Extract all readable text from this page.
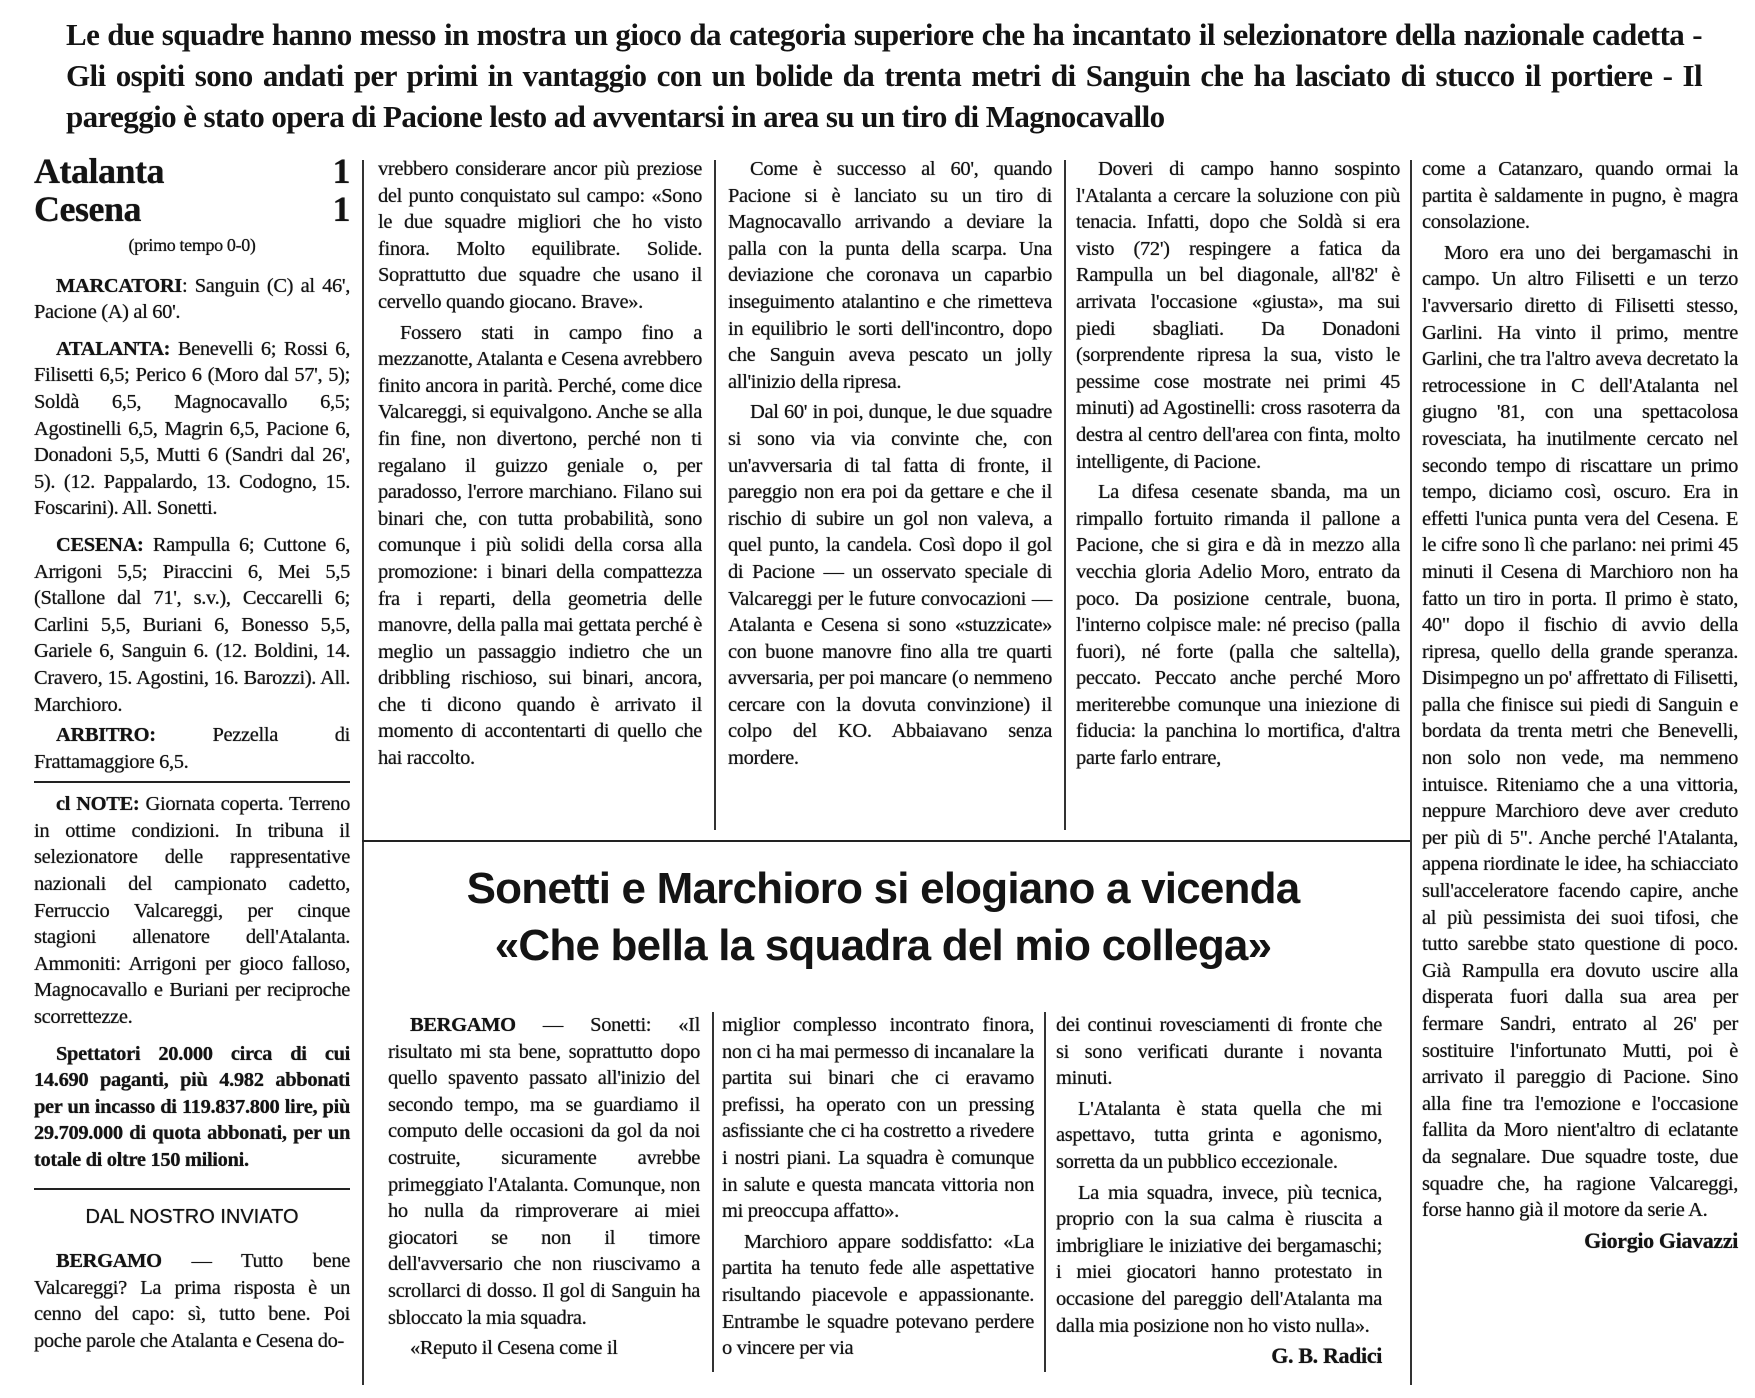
Le due squadre hanno messo in mostra un gioco da categoria superiore che ha incantato il selezionatore della nazionale cadetta - Gli ospiti sono andati per primi in vantaggio con un bolide da trenta metri di Sanguin che ha lasciato di stucco il portiere - Il pareggio è stato opera di Pacione lesto ad avventarsi in area su un tiro di Magnocavallo
Atalanta	1
Cesena	1
(primo tempo 0-0)

MARCATORI: Sanguin (C) al 46', Pacione (A) al 60'.

ATALANTA: Benevelli 6; Rossi 6, Filisetti 6,5; Perico 6 (Moro dal 57', 5); Soldà 6,5, Magnocavallo 6,5; Agostinelli 6,5, Magrin 6,5, Pacione 6, Donadoni 5,5, Mutti 6 (Sandri dal 26', 5). (12. Pappalardo, 13. Codogno, 15. Foscarini). All. Sonetti.

CESENA: Rampulla 6; Cuttone 6, Arrigoni 5,5; Piraccini 6, Mei 5,5 (Stallone dal 71', s.v.), Ceccarelli 6; Carlini 5,5, Buriani 6, Bonesso 5,5, Gariele 6, Sanguin 6. (12. Boldini, 14. Cravero, 15. Agostini, 16. Barozzi). All. Marchioro.

ARBITRO: Pezzella di Frattamaggiore 6,5.

cl NOTE: Giornata coperta. Terreno in ottime condizioni. In tribuna il selezionatore delle rappresentative nazionali del campionato cadetto, Ferruccio Valcareggi, per cinque stagioni allenatore dell'Atalanta. Ammoniti: Arrigoni per gioco falloso, Magnocavallo e Buriani per reciproche scorrettezze.

Spettatori 20.000 circa di cui 14.690 paganti, più 4.982 abbonati per un incasso di 119.837.800 lire, più 29.709.000 di quota abbonati, per un totale di oltre 150 milioni.

DAL NOSTRO INVIATO

BERGAMO — Tutto bene Valcareggi? La prima risposta è un cenno del capo: sì, tutto bene. Poi poche parole che Atalanta e Cesena do-

vrebbero considerare ancor più preziose del punto conquistato sul campo: «Sono le due squadre migliori che ho visto finora. Molto equilibrate. Solide. Soprattutto due squadre che usano il cervello quando giocano. Brave».

Fossero stati in campo fino a mezzanotte, Atalanta e Cesena avrebbero finito ancora in parità. Perché, come dice Valcareggi, si equivalgono. Anche se alla fin fine, non divertono, perché non ti regalano il guizzo geniale o, per paradosso, l'errore marchiano. Filano sui binari che, con tutta probabilità, sono comunque i più solidi della corsa alla promozione: i binari della compattezza fra i reparti, della geometria delle manovre, della palla mai gettata perché è meglio un passaggio indietro che un dribbling rischioso, sui binari, ancora, che ti dicono quando è arrivato il momento di accontentarti di quello che hai raccolto.

Come è successo al 60', quando Pacione si è lanciato su un tiro di Magnocavallo arrivando a deviare la palla con la punta della scarpa. Una deviazione che coronava un caparbio inseguimento atalantino e che rimetteva in equilibrio le sorti dell'incontro, dopo che Sanguin aveva pescato un jolly all'inizio della ripresa.

Dal 60' in poi, dunque, le due squadre si sono via via convinte che, con un'avversaria di tal fatta di fronte, il pareggio non era poi da gettare e che il rischio di subire un gol non valeva, a quel punto, la candela. Così dopo il gol di Pacione — un osservato speciale di Valcareggi per le future convocazioni — Atalanta e Cesena si sono «stuzzicate» con buone manovre fino alla tre quarti avversaria, per poi mancare (o nemmeno cercare con la dovuta convinzione) il colpo del KO. Abbaiavano senza mordere.

Doveri di campo hanno sospinto l'Atalanta a cercare la soluzione con più tenacia. Infatti, dopo che Soldà si era visto (72') respingere a fatica da Rampulla un bel diagonale, all'82' è arrivata l'occasione «giusta», ma sui piedi sbagliati. Da Donadoni (sorprendente ripresa la sua, visto le pessime cose mostrate nei primi 45 minuti) ad Agostinelli: cross rasoterra da destra al centro dell'area con finta, molto intelligente, di Pacione.

La difesa cesenate sbanda, ma un rimpallo fortuito rimanda il pallone a Pacione, che si gira e dà in mezzo alla vecchia gloria Adelio Moro, entrato da poco. Da posizione centrale, buona, l'interno colpisce male: né preciso (palla fuori), né forte (palla che saltella), peccato. Peccato anche perché Moro meriterebbe comunque una iniezione di fiducia: la panchina lo mortifica, d'altra parte farlo entrare,

come a Catanzaro, quando ormai la partita è saldamente in pugno, è magra consolazione.

Moro era uno dei bergamaschi in campo. Un altro Filisetti e un terzo l'avversario diretto di Filisetti stesso, Garlini. Ha vinto il primo, mentre Garlini, che tra l'altro aveva decretato la retrocessione in C dell'Atalanta nel giugno '81, con una spettacolosa rovesciata, ha inutilmente cercato nel secondo tempo di riscattare un primo tempo, diciamo così, oscuro. Era in effetti l'unica punta vera del Cesena. E le cifre sono lì che parlano: nei primi 45 minuti il Cesena di Marchioro non ha fatto un tiro in porta. Il primo è stato, 40" dopo il fischio di avvio della ripresa, quello della grande speranza. Disimpegno un po' affrettato di Filisetti, palla che finisce sui piedi di Sanguin e bordata da trenta metri che Benevelli, non solo non vede, ma nemmeno intuisce. Riteniamo che a una vittoria, neppure Marchioro deve aver creduto per più di 5". Anche perché l'Atalanta, appena riordinate le idee, ha schiacciato sull'acceleratore facendo capire, anche al più pessimista dei suoi tifosi, che tutto sarebbe stato questione di poco. Già Rampulla era dovuto uscire alla disperata fuori dalla sua area per fermare Sandri, entrato al 26' per sostituire l'infortunato Mutti, poi è arrivato il pareggio di Pacione. Sino alla fine tra l'emozione e l'occasione fallita da Moro nient'altro di eclatante da segnalare. Due squadre toste, due squadre che, ha ragione Valcareggi, forse hanno già il motore da serie A.

Giorgio Giavazzi

Sonetti e Marchioro si elogiano a vicenda
«Che bella la squadra del mio collega»

BERGAMO — Sonetti: «Il risultato mi sta bene, soprattutto dopo quello spavento passato all'inizio del secondo tempo, ma se guardiamo il computo delle occasioni da gol da noi costruite, sicuramente avrebbe primeggiato l'Atalanta. Comunque, non ho nulla da rimproverare ai miei giocatori se non il timore dell'avversario che non riuscivamo a scrollarci di dosso. Il gol di Sanguin ha sbloccato la mia squadra.

«Reputo il Cesena come il

miglior complesso incontrato finora, non ci ha mai permesso di incanalare la partita sui binari che ci eravamo prefissi, ha operato con un pressing asfissiante che ci ha costretto a rivedere i nostri piani. La squadra è comunque in salute e questa mancata vittoria non mi preoccupa affatto».

Marchioro appare soddisfatto: «La partita ha tenuto fede alle aspettative risultando piacevole e appassionante. Entrambe le squadre potevano perdere o vincere per via

dei continui rovesciamenti di fronte che si sono verificati durante i novanta minuti.

L'Atalanta è stata quella che mi aspettavo, tutta grinta e agonismo, sorretta da un pubblico eccezionale.

La mia squadra, invece, più tecnica, proprio con la sua calma è riuscita a imbrigliare le iniziative dei bergamaschi; i miei giocatori hanno protestato in occasione del pareggio dell'Atalanta ma dalla mia posizione non ho visto nulla».

G. B. Radici
